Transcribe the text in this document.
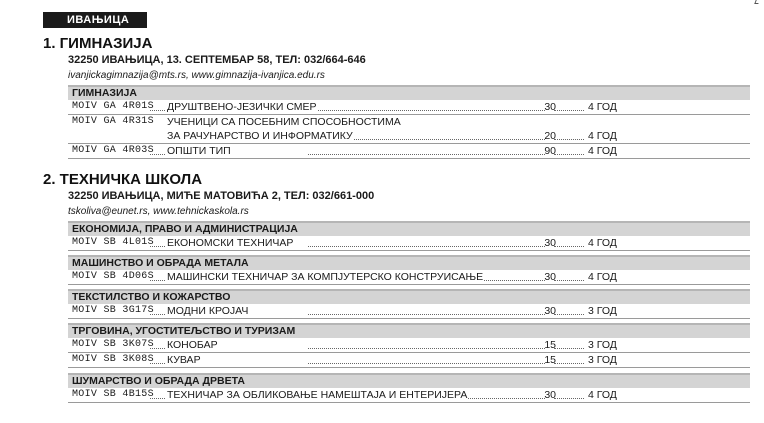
ИВАЊИЦА
1. ГИМНАЗИЈА
32250 ИВАЊИЦА, 13. СЕПТЕМБАР 58, ТЕЛ: 032/664-646
ivanjickagimnazija@mts.rs, www.gimnazija-ivanjica.edu.rs
ГИМНАЗИЈА
MOIV GA 4R01S ДРУШТВЕНО-ЈЕЗИЧКИ СМЕР	30	4 ГОД
MOIV GA 4R31S УЧЕНИЦИ СА ПОСЕБНИМ СПОСОБНОСТИМА
ЗА РАЧУНАРСТВО И ИНФОРМАТИКУ	20	4 ГОД
MOIV GA 4R03S ОПШТИ ТИП	90	4 ГОД
2. ТЕХНИЧКА ШКОЛА
32250 ИВАЊИЦА, МИЋЕ МАТОВИЋА 2, ТЕЛ: 032/661-000
tskoliva@eunet.rs, www.tehnickaskola.rs
ЕКОНОМИЈА, ПРАВО И АДМИНИСТРАЦИЈА
MOIV SB 4L01S ЕКОНОМСКИ ТЕХНИЧАР	30	4 ГОД
МАШИНСТВО И ОБРАДА МЕТАЛА
MOIV SB 4D06S МАШИНСКИ ТЕХНИЧАР ЗА КОМПЈУТЕРСКО КОНСТРУИСАЊЕ	30	4 ГОД
ТЕКСТИЛСТВО И КОЖАРСТВО
MOIV SB 3G17S МОДНИ КРОЈАЧ	30	3 ГОД
ТРГОВИНА, УГОСТИТЕЉСТВО И ТУРИЗАМ
MOIV SB 3K07S КОНОБАР	15	3 ГОД
MOIV SB 3K08S КУВАР	15	3 ГОД
ШУМАРСТВО И ОБРАДА ДРВЕТА
MOIV SB 4B15S ТЕХНИЧАР ЗА ОБЛИКОВАЊЕ НАМЕШТАЈА И ЕНТЕРИЈЕРА	30	4 ГОД
